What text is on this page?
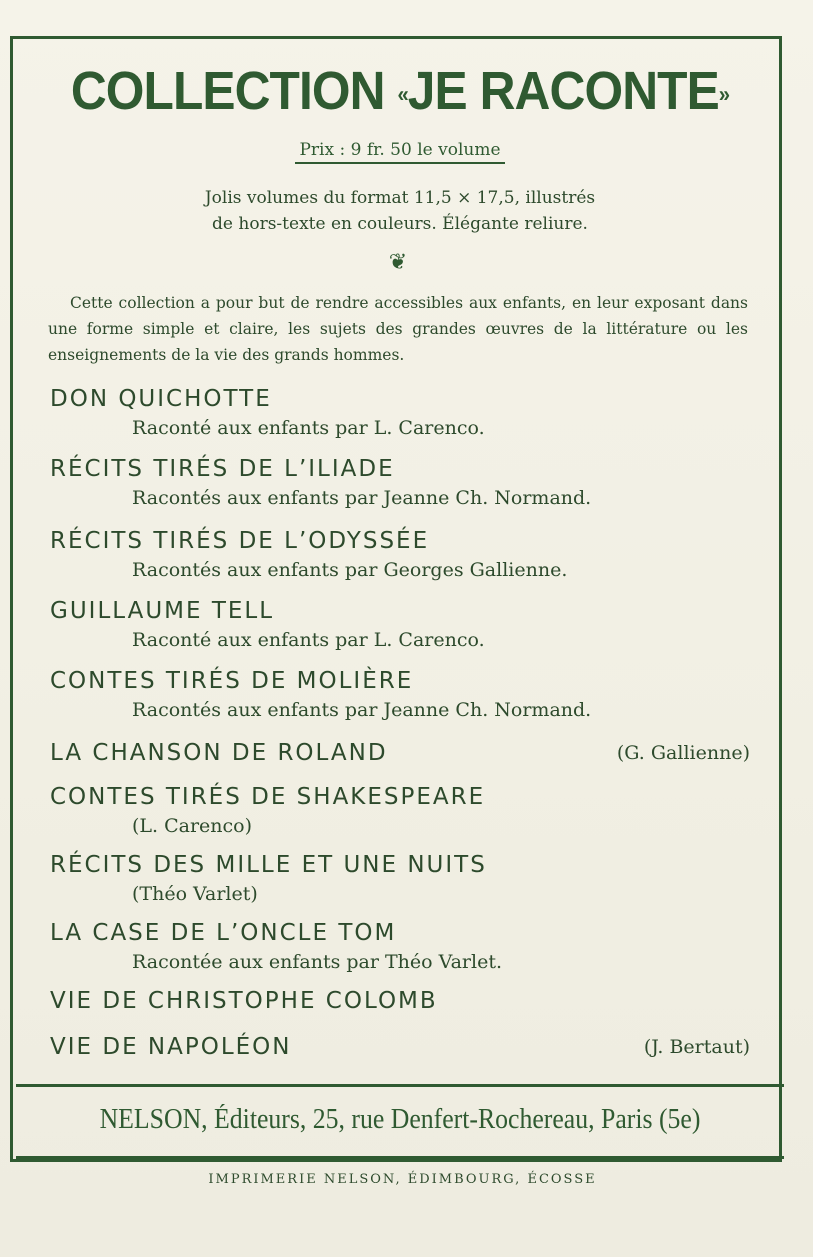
COLLECTION «JE RACONTE»
Prix : 9 fr. 50 le volume
Jolis volumes du format 11,5 × 17,5, illustrés
de hors-texte en couleurs. Élégante reliure.
❦
Cette collection a pour but de rendre accessibles aux enfants, en leur exposant dans une forme simple et claire, les sujets des grandes œuvres de la littérature ou les enseignements de la vie des grands hommes.
DON QUICHOTTE
Raconté aux enfants par L. Carenco.
RÉCITS TIRÉS DE L’ILIADE
Racontés aux enfants par Jeanne Ch. Normand.
RÉCITS TIRÉS DE L’ODYSSÉE
Racontés aux enfants par Georges Gallienne.
GUILLAUME TELL
Raconté aux enfants par L. Carenco.
CONTES TIRÉS DE MOLIÈRE
Racontés aux enfants par Jeanne Ch. Normand.
LA CHANSON DE ROLAND	(G. Gallienne)
CONTES TIRÉS DE SHAKESPEARE
(L. Carenco)
RÉCITS DES MILLE ET UNE NUITS
(Théo Varlet)
LA CASE DE L’ONCLE TOM
Racontée aux enfants par Théo Varlet.
VIE DE CHRISTOPHE COLOMB
VIE DE NAPOLÉON	(J. Bertaut)
NELSON, Éditeurs, 25, rue Denfert-Rochereau, Paris (5e)
IMPRIMERIE NELSON, ÉDIMBOURG, ÉCOSSE
